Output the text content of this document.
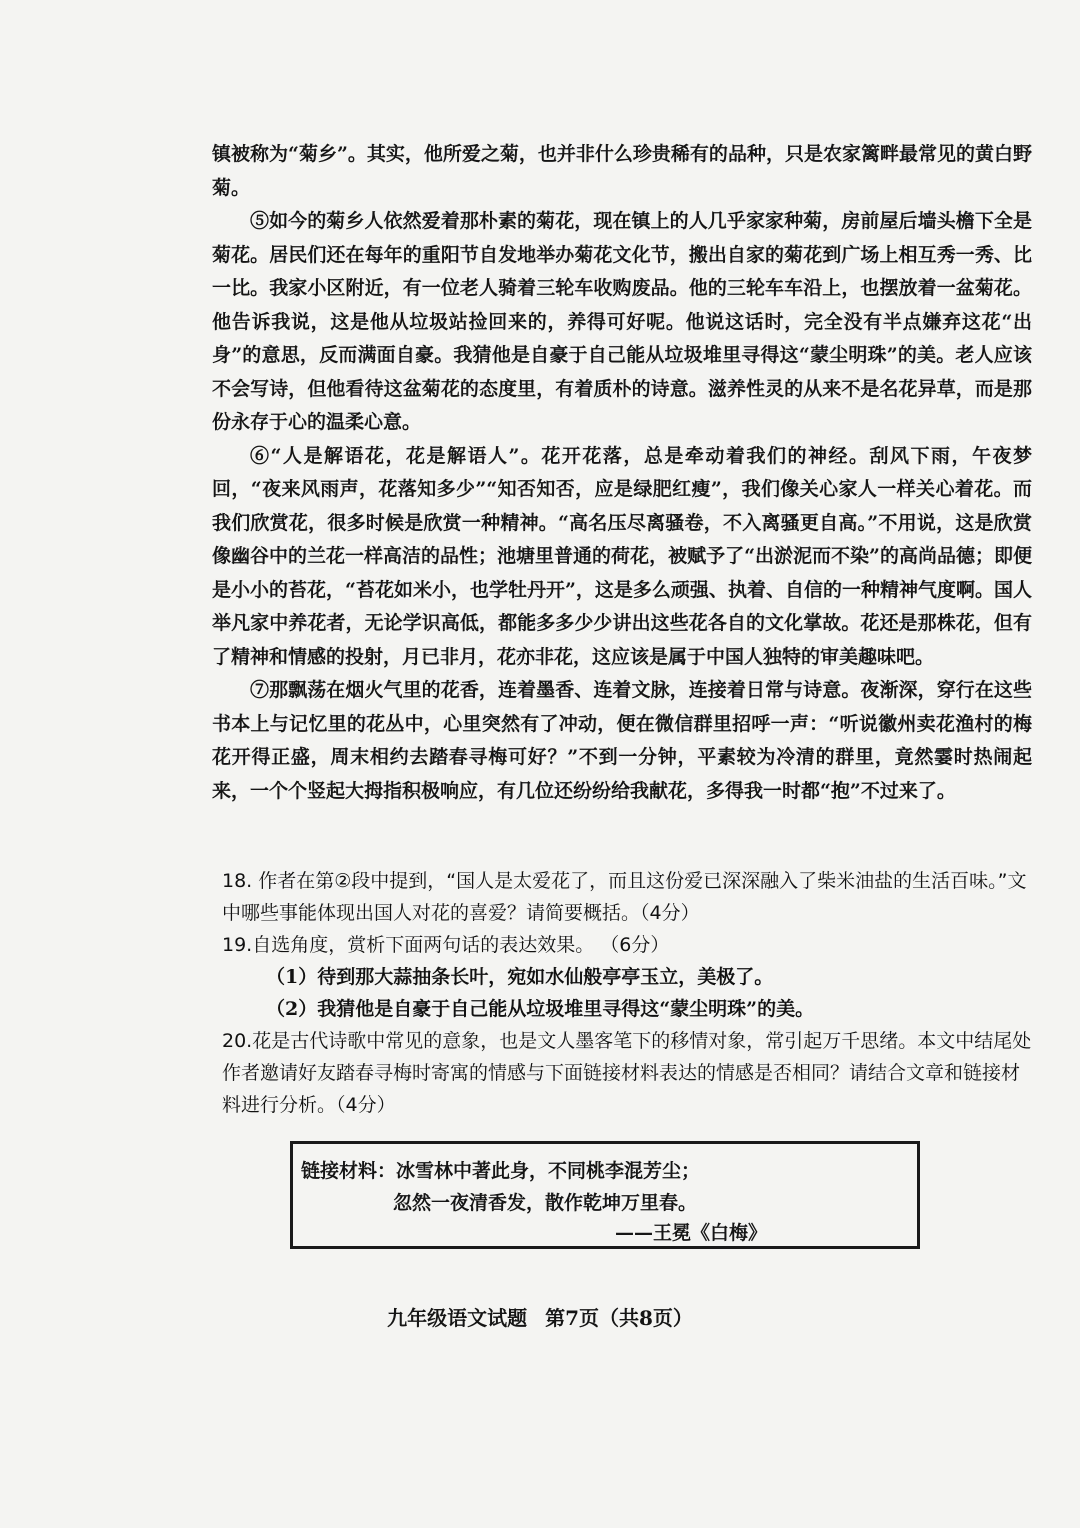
镇被称为“菊乡”。其实，他所爱之菊，也并非什么珍贵稀有的品种，只是农家篱畔最常见的黄白野菊。

⑤如今的菊乡人依然爱着那朴素的菊花，现在镇上的人几乎家家种菊，房前屋后墙头檐下全是菊花。居民们还在每年的重阳节自发地举办菊花文化节，搬出自家的菊花到广场上相互秀一秀、比一比。我家小区附近，有一位老人骑着三轮车收购废品。他的三轮车车沿上，也摆放着一盆菊花。他告诉我说，这是他从垃圾站捡回来的，养得可好呢。他说这话时，完全没有半点嫌弃这花“出身”的意思，反而满面自豪。我猜他是自豪于自己能从垃圾堆里寻得这“蒙尘明珠”的美。老人应该不会写诗，但他看待这盆菊花的态度里，有着质朴的诗意。滋养性灵的从来不是名花异草，而是那份永存于心的温柔心意。

⑥“人是解语花，花是解语人”。花开花落，总是牵动着我们的神经。刮风下雨，午夜梦回，“夜来风雨声，花落知多少”“知否知否，应是绿肥红瘦”，我们像关心家人一样关心着花。而我们欣赏花，很多时候是欣赏一种精神。“高名压尽离骚卷，不入离骚更自高。”不用说，这是欣赏像幽谷中的兰花一样高洁的品性；池塘里普通的荷花，被赋予了“出淤泥而不染”的高尚品德；即便是小小的苔花，“苔花如米小，也学牡丹开”，这是多么顽强、执着、自信的一种精神气度啊。国人举凡家中养花者，无论学识高低，都能多多少少讲出这些花各自的文化掌故。花还是那株花，但有了精神和情感的投射，月已非月，花亦非花，这应该是属于中国人独特的审美趣味吧。

⑦那飘荡在烟火气里的花香，连着墨香、连着文脉，连接着日常与诗意。夜渐深，穿行在这些书本上与记忆里的花丛中，心里突然有了冲动，便在微信群里招呼一声：“听说徽州卖花渔村的梅花开得正盛，周末相约去踏春寻梅可好？”不到一分钟，平素较为冷清的群里，竟然霎时热闹起来，一个个竖起大拇指积极响应，有几位还纷纷给我献花，多得我一时都“抱”不过来了。

18. 作者在第②段中提到，“国人是太爱花了，而且这份爱已深深融入了柴米油盐的生活百味。”文中哪些事能体现出国人对花的喜爱？请简要概括。（4分）

19.自选角度，赏析下面两句话的表达效果。 （6分）

（1）待到那大蒜抽条长叶，宛如水仙般亭亭玉立，美极了。

（2）我猜他是自豪于自己能从垃圾堆里寻得这“蒙尘明珠”的美。

20.花是古代诗歌中常见的意象，也是文人墨客笔下的移情对象，常引起万千思绪。本文中结尾处作者邀请好友踏春寻梅时寄寓的情感与下面链接材料表达的情感是否相同？请结合文章和链接材料进行分析。（4分）

链接材料：冰雪林中著此身，不同桃李混芳尘；
忽然一夜清香发，散作乾坤万里春。
——王冕《白梅》
九年级语文试题 第7页（共8页）
